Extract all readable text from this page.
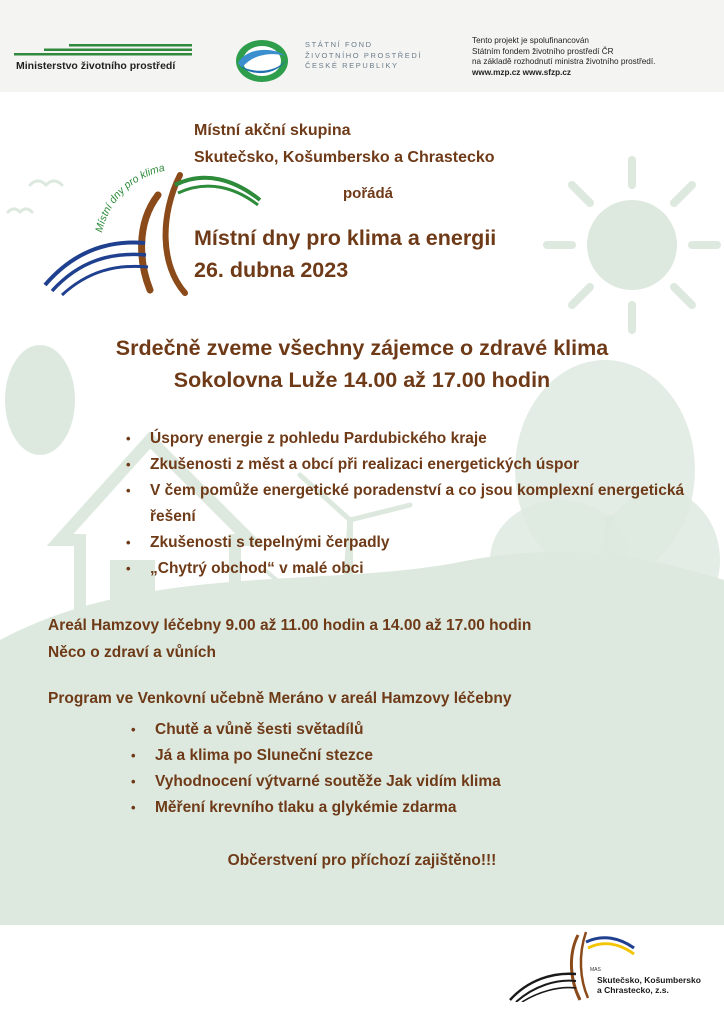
Ministerstvo životního prostředí
STÁTNÍ FOND
ŽIVOTNÍHO PROSTŘEDÍ
ČESKÉ REPUBLIKY
Tento projekt je spolufinancován
Státním fondem životního prostředí ČR
na základě rozhodnutí ministra životního prostředí.
www.mzp.cz www.sfzp.cz
Místní dny pro klima
Místní akční skupina
Skutečsko, Košumbersko a Chrastecko
pořádá
Místní dny pro klima a energii
26. dubna 2023
Srdečně zveme všechny zájemce o zdravé klima
Sokolovna Luže 14.00 až 17.00 hodin
• Úspory energie z pohledu Pardubického kraje
• Zkušenosti z měst a obcí při realizaci energetických úspor
• V čem pomůže energetické poradenství a co jsou komplexní energetická řešení
• Zkušenosti s tepelnými čerpadly
• „Chytrý obchod“ v malé obci
Areál Hamzovy léčebny 9.00 až 11.00 hodin a 14.00 až 17.00 hodin
Něco o zdraví a vůních
Program ve Venkovní učebně Meráno v areál Hamzovy léčebny
• Chutě a vůně šesti světadílů
• Já a klima po Sluneční stezce
• Vyhodnocení výtvarné soutěže Jak vidím klima
• Měření krevního tlaku a glykémie zdarma
Občerstvení pro příchozí zajištěno!!!
MAS
Skutečsko, Košumbersko
a Chrastecko, z.s.
